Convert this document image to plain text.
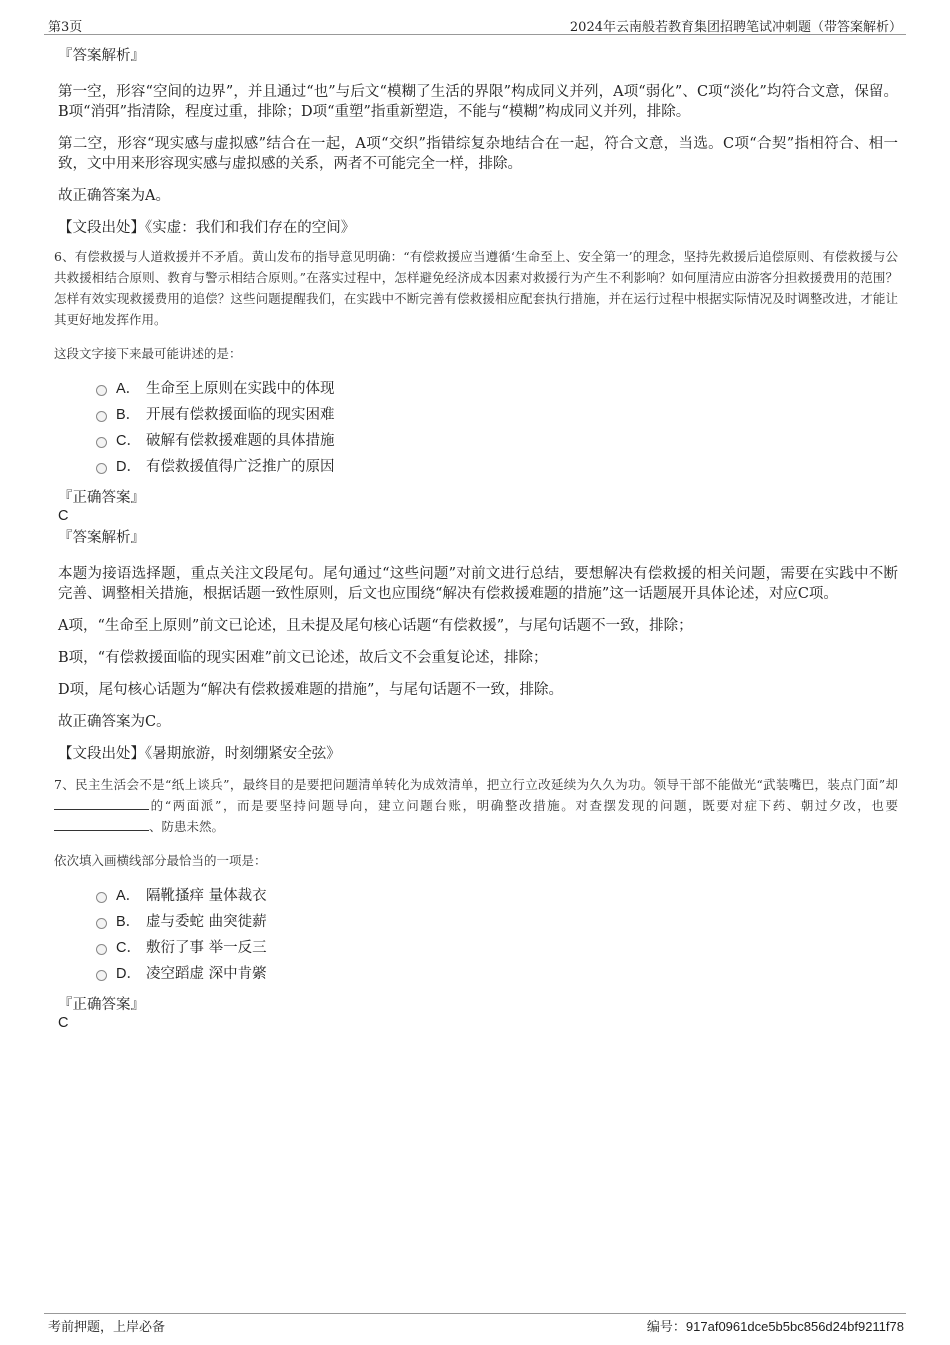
第3页	2024年云南般若教育集团招聘笔试冲刺题（带答案解析）
『答案解析』

第一空，形容“空间的边界”，并且通过“也”与后文“模糊了生活的界限”构成同义并列，A项“弱化”、C项“淡化”均符合文意，保留。B项“消弭”指清除，程度过重，排除；D项“重塑”指重新塑造，不能与“模糊”构成同义并列，排除。

第二空，形容“现实感与虚拟感”结合在一起，A项“交织”指错综复杂地结合在一起，符合文意，当选。C项“合契”指相符合、相一致，文中用来形容现实感与虚拟感的关系，两者不可能完全一样，排除。

故正确答案为A。

【文段出处】《实虚：我们和我们存在的空间》

6、有偿救援与人道救援并不矛盾。黄山发布的指导意见明确：“有偿救援应当遵循‘生命至上、安全第一’的理念，坚持先救援后追偿原则、有偿救援与公共救援相结合原则、教育与警示相结合原则。”在落实过程中，怎样避免经济成本因素对救援行为产生不利影响？如何厘清应由游客分担救援费用的范围？怎样有效实现救援费用的追偿？这些问题提醒我们，在实践中不断完善有偿救援相应配套执行措施，并在运行过程中根据实际情况及时调整改进，才能让其更好地发挥作用。

这段文字接下来最可能讲述的是：
A． 生命至上原则在实践中的体现
B． 开展有偿救援面临的现实困难
C． 破解有偿救援难题的具体措施
D． 有偿救援值得广泛推广的原因
『正确答案』
C
『答案解析』

本题为接语选择题，重点关注文段尾句。尾句通过“这些问题”对前文进行总结，要想解决有偿救援的相关问题，需要在实践中不断完善、调整相关措施，根据话题一致性原则，后文也应围绕“解决有偿救援难题的措施”这一话题展开具体论述，对应C项。

A项，“生命至上原则”前文已论述，且未提及尾句核心话题“有偿救援”，与尾句话题不一致，排除；

B项，“有偿救援面临的现实困难”前文已论述，故后文不会重复论述，排除；

D项，尾句核心话题为“解决有偿救援难题的措施”，与尾句话题不一致，排除。

故正确答案为C。

【文段出处】《暑期旅游，时刻绷紧安全弦》

7、民主生活会不是“纸上谈兵”，最终目的是要把问题清单转化为成效清单，把立行立改延续为久久为功。领导干部不能做光“武装嘴巴，装点门面”却的“两面派”，而是要坚持问题导向，建立问题台账，明确整改措施。对查摆发现的问题，既要对症下药、朝过夕改，也要、防患未然。

依次填入画横线部分最恰当的一项是：
A． 隔靴搔痒 量体裁衣
B． 虚与委蛇 曲突徙薪
C． 敷衍了事 举一反三
D． 凌空蹈虚 深中肯綮
『正确答案』
C
考前押题，上岸必备	编号：917af0961dce5b5bc856d24bf9211f78
